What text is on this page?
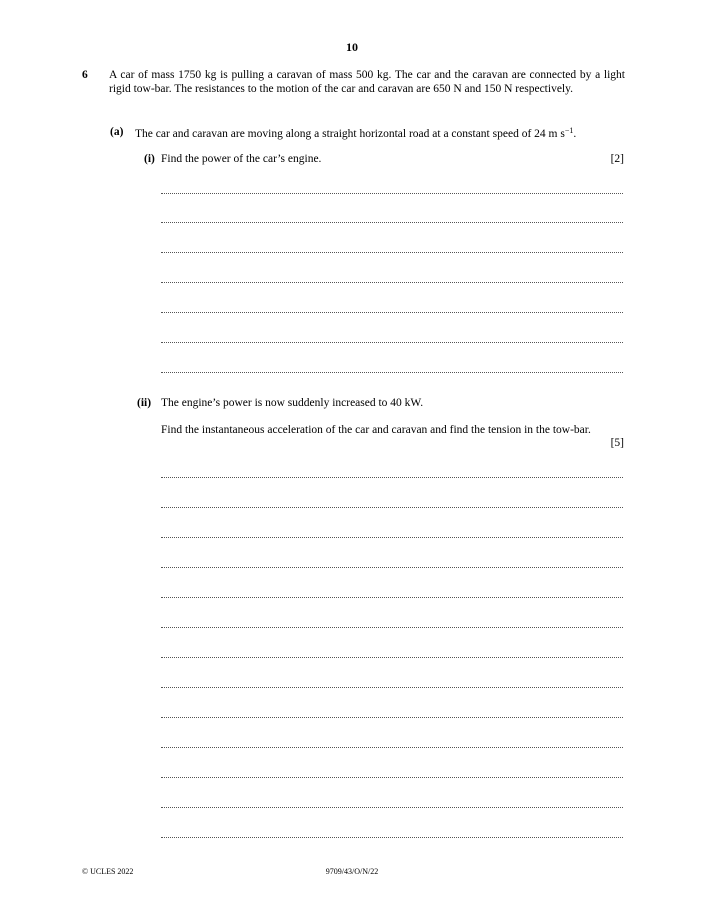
10
6 A car of mass 1750 kg is pulling a caravan of mass 500 kg. The car and the caravan are connected by a light rigid tow-bar. The resistances to the motion of the car and caravan are 650 N and 150 N respectively.
(a) The car and caravan are moving along a straight horizontal road at a constant speed of 24 m $s^{-1}$.
(i) Find the power of the car’s engine.	[2]
(ii) The engine’s power is now suddenly increased to 40 kW.
Find the instantaneous acceleration of the car and caravan and find the tension in the tow-bar.
[5]
© UCLES 2022	9709/43/O/N/22
